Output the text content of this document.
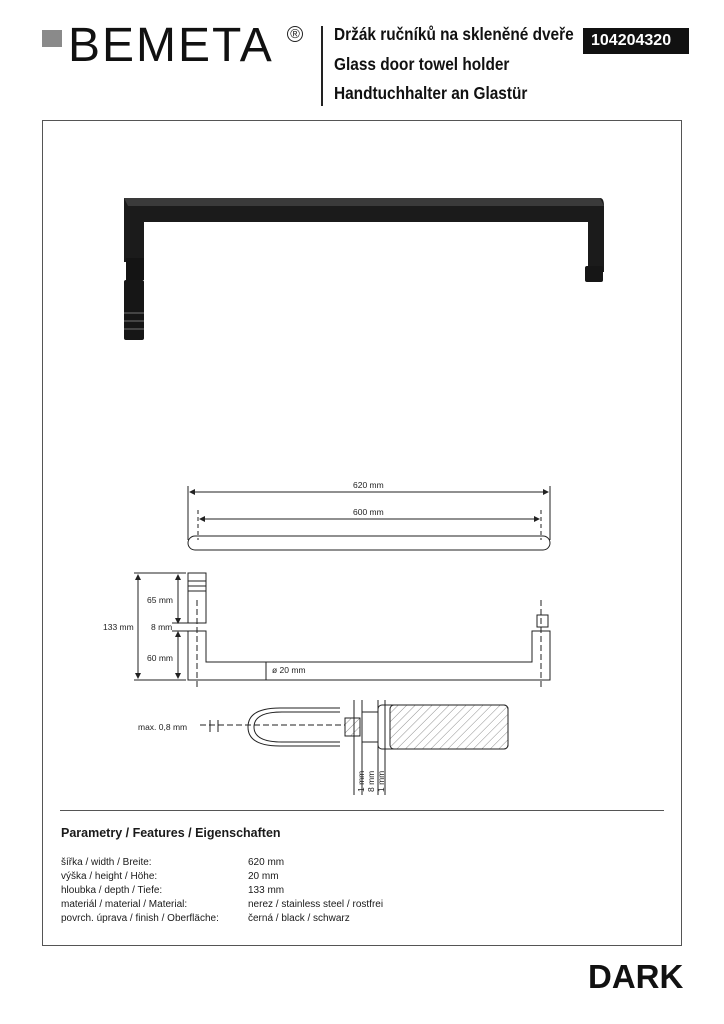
BEMETA ® Držák ručníků na skleněné dveře
Glass door towel holder
Handtuchhalter an Glastür
104204320
620 mm
600 mm
65 mm
8 mm
60 mm
133 mm
ø 20 mm
max. 0,8 mm
1 mm 8 mm 1 mm
Parametry / Features / Eigenschaften
šířka / width / Breite:	620 mm
výška / height / Höhe:	20 mm
hloubka / depth / Tiefe:	133 mm
materiál / material / Material:	nerez / stainless steel / rostfrei
povrch. úprava / finish / Oberfläche:	černá / black / schwarz
DARK
